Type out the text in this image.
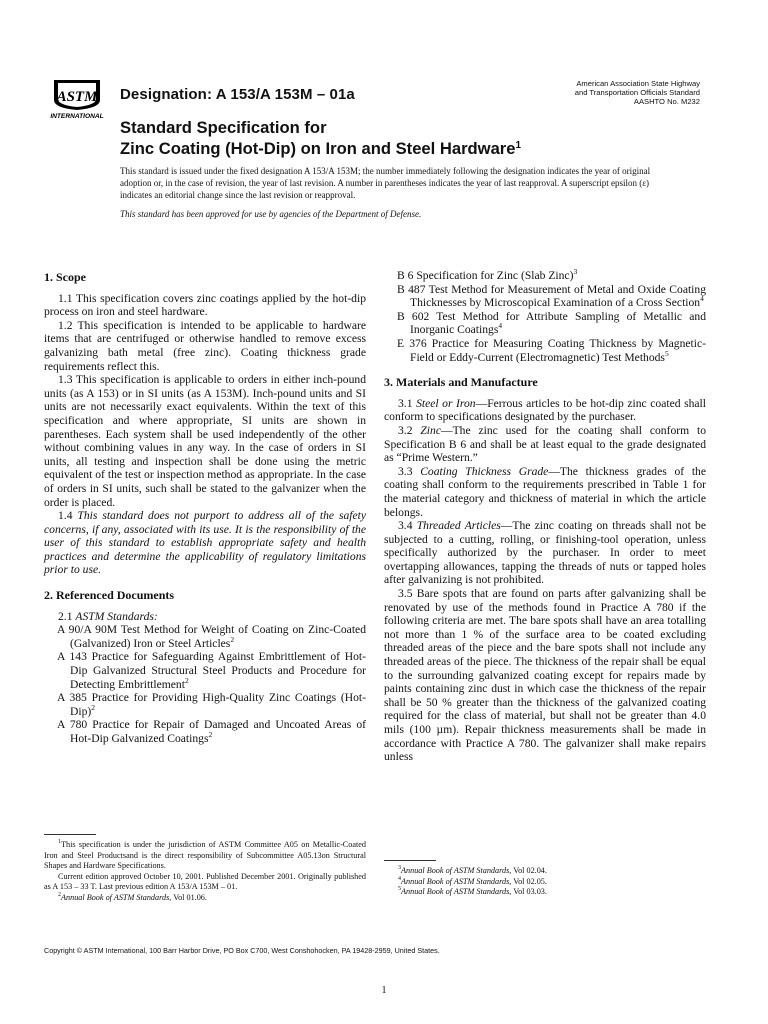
ASTM
INTERNATIONAL
Designation: A 153/A 153M – 01a
American Association State Highway
and Transportation Officials Standard
AASHTO No. M232
Standard Specification for
Zinc Coating (Hot-Dip) on Iron and Steel Hardware$^1$

This standard is issued under the fixed designation A 153/A 153M; the number immediately following the designation indicates the year of original adoption or, in the case of revision, the year of last revision. A number in parentheses indicates the year of last reapproval. A superscript epsilon (ε) indicates an editorial change since the last revision or reapproval.

This standard has been approved for use by agencies of the Department of Defense.

1. Scope

1.1 This specification covers zinc coatings applied by the hot-dip process on iron and steel hardware.

1.2 This specification is intended to be applicable to hardware items that are centrifuged or otherwise handled to remove excess galvanizing bath metal (free zinc). Coating thickness grade requirements reflect this.

1.3 This specification is applicable to orders in either inch-pound units (as A 153) or in SI units (as A 153M). Inch-pound units and SI units are not necessarily exact equivalents. Within the text of this specification and where appropriate, SI units are shown in parentheses. Each system shall be used independently of the other without combining values in any way. In the case of orders in SI units, all testing and inspection shall be done using the metric equivalent of the test or inspection method as appropriate. In the case of orders in SI units, such shall be stated to the galvanizer when the order is placed.

1.4 This standard does not purport to address all of the safety concerns, if any, associated with its use. It is the responsibility of the user of this standard to establish appropriate safety and health practices and determine the applicability of regulatory limitations prior to use.

2. Referenced Documents

2.1 ASTM Standards:

A 90/A 90M Test Method for Weight of Coating on Zinc-Coated (Galvanized) Iron or Steel Articles$^2$

A 143 Practice for Safeguarding Against Embrittlement of Hot-Dip Galvanized Structural Steel Products and Procedure for Detecting Embrittlement$^2$

A 385 Practice for Providing High-Quality Zinc Coatings $(Hot-Dip)^2$

A 780 Practice for Repair of Damaged and Uncoated Areas of Hot-Dip Galvanized Coatings$^2$

B 6 Specification for Zinc (Slab Zinc)$^3$

B 487 Test Method for Measurement of Metal and Oxide Coating Thicknesses by Microscopical Examination of a Cross Section$^4$

B 602 Test Method for Attribute Sampling of Metallic and Inorganic Coatings$^4$

E 376 Practice for Measuring Coating Thickness by Magnetic-Field or Eddy-Current (Electromagnetic) Test Methods$^5$

3. Materials and Manufacture

3.1 Steel or Iron—Ferrous articles to be hot-dip zinc coated shall conform to specifications designated by the purchaser.

3.2 Zinc—The zinc used for the coating shall conform to Specification B 6 and shall be at least equal to the grade designated as “Prime Western.”

3.3 Coating Thickness Grade—The thickness grades of the coating shall conform to the requirements prescribed in Table 1 for the material category and thickness of material in which the article belongs.

3.4 Threaded Articles—The zinc coating on threads shall not be subjected to a cutting, rolling, or finishing-tool operation, unless specifically authorized by the purchaser. In order to meet overtapping allowances, tapping the threads of nuts or tapped holes after galvanizing is not prohibited.

3.5 Bare spots that are found on parts after galvanizing shall be renovated by use of the methods found in Practice A 780 if the following criteria are met. The bare spots shall have an area totalling not more than 1 % of the surface area to be coated excluding threaded areas of the piece and the bare spots shall not include any threaded areas of the piece. The thickness of the repair shall be equal to the surrounding galvanized coating except for repairs made by paints containing zinc dust in which case the thickness of the repair shall be 50 % greater than the thickness of the galvanized coating required for the class of material, but shall not be greater than 4.0 mils (100 µm). Repair thickness measurements shall be made in accordance with Practice A 780. The galvanizer shall make repairs unless

$^1$This specification is under the jurisdiction of ASTM Committee A05 on Metallic-Coated Iron and Steel Productsand is the direct responsibility of Subcommittee A05.13on Structural Shapes and Hardware Specifications.

Current edition approved October 10, 2001. Published December 2001. Originally published as A 153 – 33 T. Last previous edition A 153/A 153M – 01.

$^2$Annual Book of ASTM Standards, Vol 01.06.

$^3$Annual Book of ASTM Standards, Vol 02.04.

$^4$Annual Book of ASTM Standards, Vol 02.05.

$^5$Annual Book of ASTM Standards, Vol 03.03.

Copyright © ASTM International, 100 Barr Harbor Drive, PO Box C700, West Conshohocken, PA 19428-2959, United States.
1
